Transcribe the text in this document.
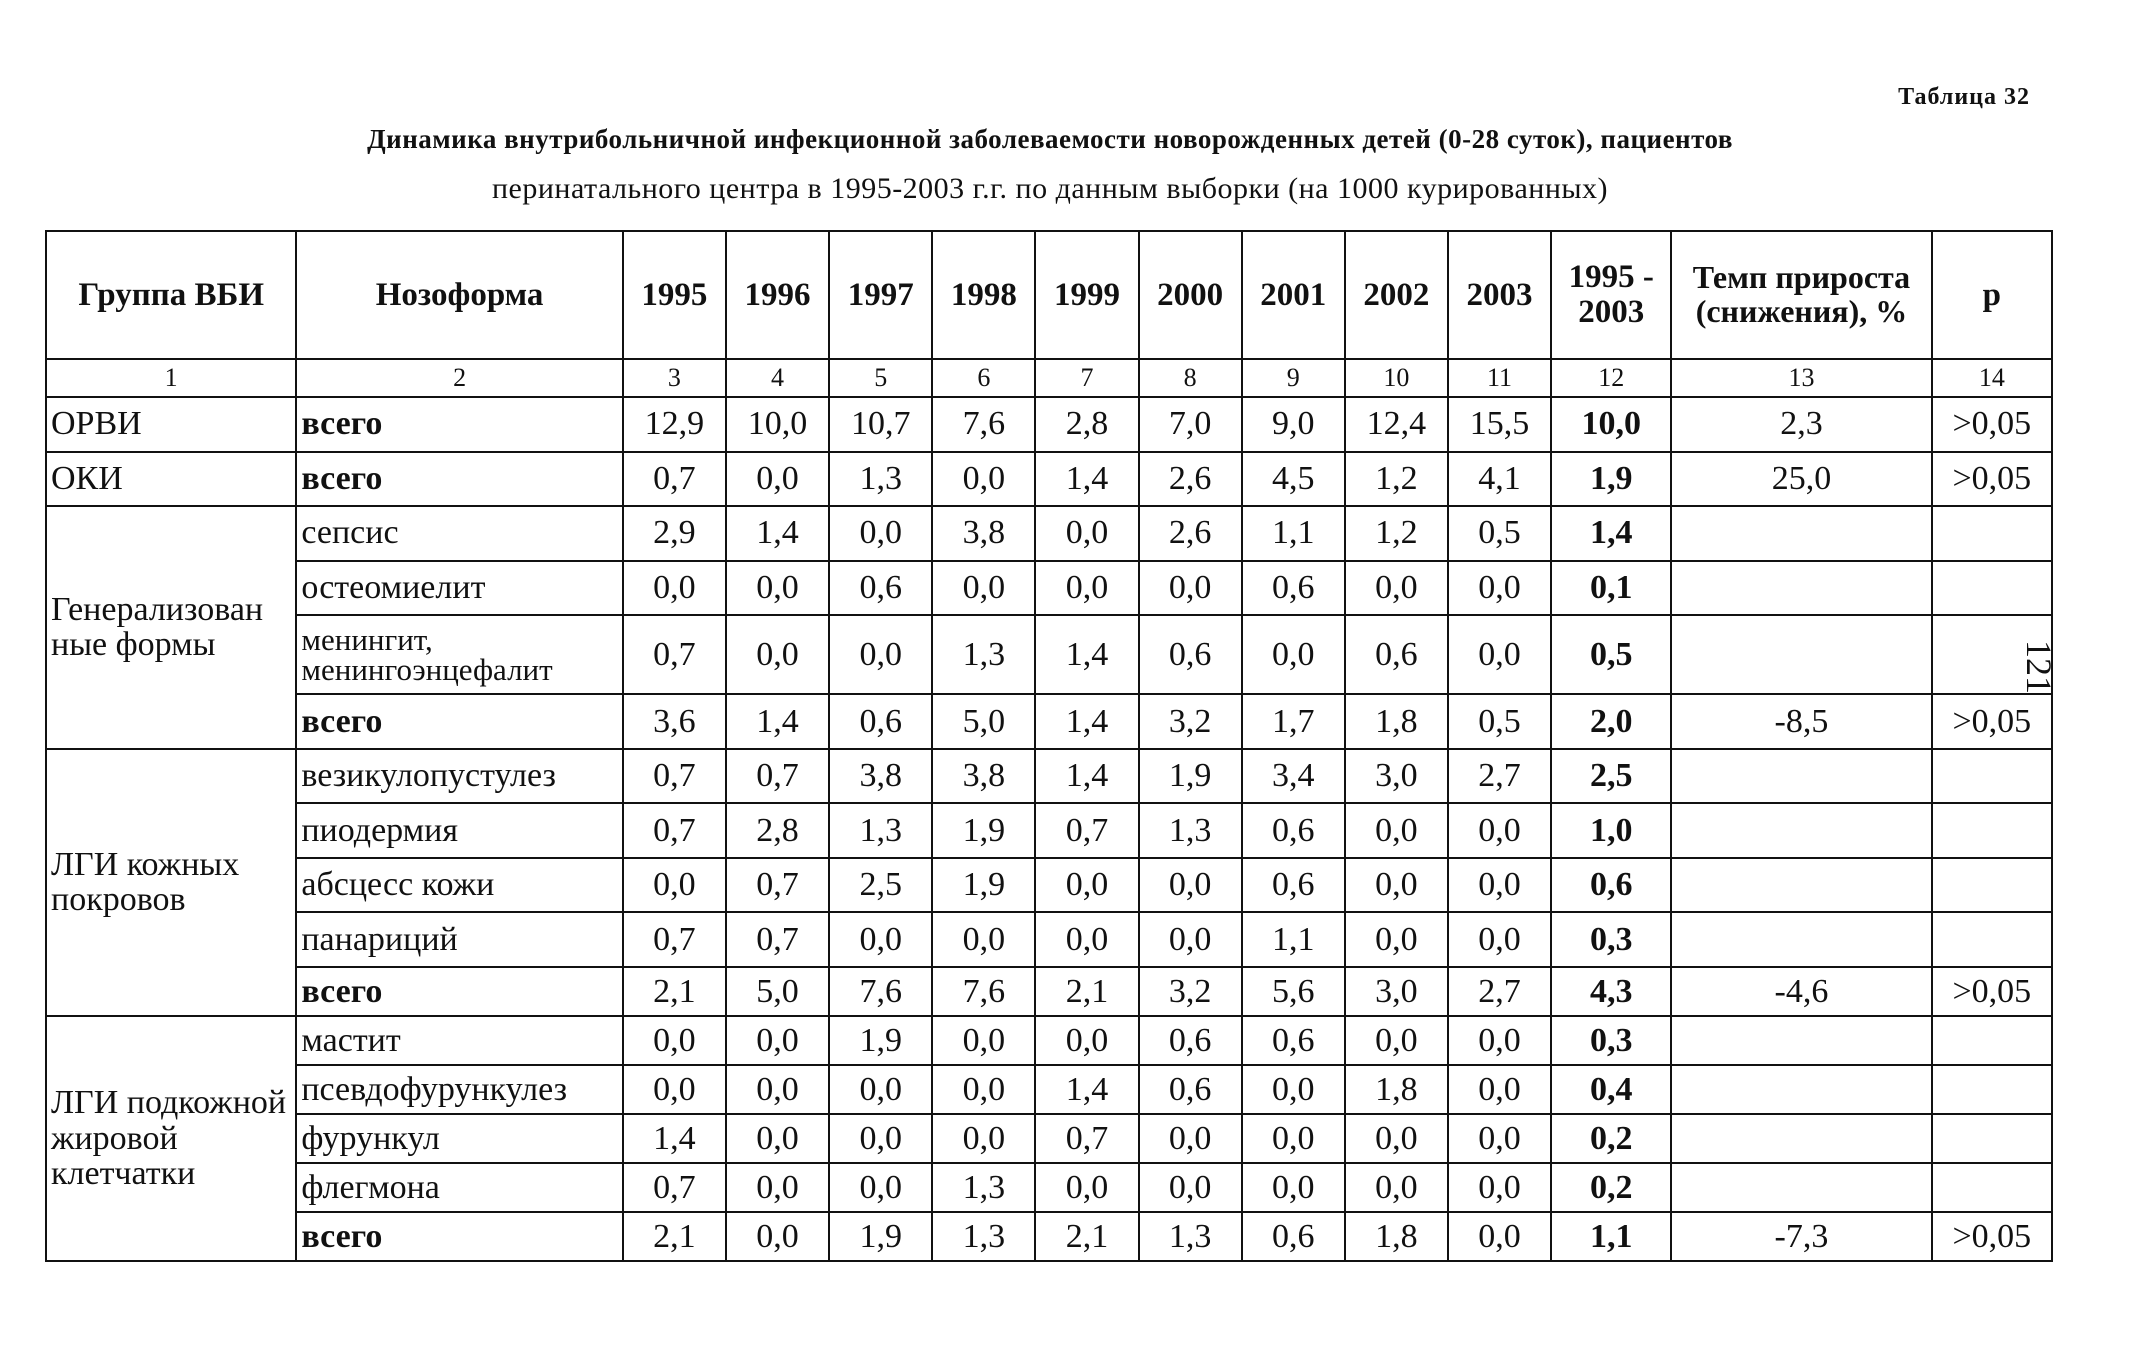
Таблица 32
Динамика внутрибольничной инфекционной заболеваемости новорожденных детей (0-28 суток), пациентов
перинатального центра в 1995-2003 г.г. по данным выборки (на 1000 курированных)
121
Группа ВБИ	Нозоформа	1995	1996	1997	1998	1999	2000	2001	2002	2003	1995 - 2003	Темп прироста (снижения), %	p
1	2	3	4	5	6	7	8	9	10	11	12	13	14
ОРВИ	всего	12,9	10,0	10,7	7,6	2,8	7,0	9,0	12,4	15,5	10,0	2,3	>0,05
ОКИ	всего	0,7	0,0	1,3	0,0	1,4	2,6	4,5	1,2	4,1	1,9	25,0	>0,05
Генерализован ные формы	сепсис	2,9	1,4	0,0	3,8	0,0	2,6	1,1	1,2	0,5	1,4		
	остеомиелит	0,0	0,0	0,6	0,0	0,0	0,0	0,6	0,0	0,0	0,1		
	менингит, менингоэнцефалит	0,7	0,0	0,0	1,3	1,4	0,6	0,0	0,6	0,0	0,5		
	всего	3,6	1,4	0,6	5,0	1,4	3,2	1,7	1,8	0,5	2,0	-8,5	>0,05
ЛГИ кожных покровов	везикулопустулез	0,7	0,7	3,8	3,8	1,4	1,9	3,4	3,0	2,7	2,5		
	пиодермия	0,7	2,8	1,3	1,9	0,7	1,3	0,6	0,0	0,0	1,0		
	абсцесс кожи	0,0	0,7	2,5	1,9	0,0	0,0	0,6	0,0	0,0	0,6		
	панариций	0,7	0,7	0,0	0,0	0,0	0,0	1,1	0,0	0,0	0,3		
	всего	2,1	5,0	7,6	7,6	2,1	3,2	5,6	3,0	2,7	4,3	-4,6	>0,05
ЛГИ подкожной жировой клетчатки	мастит	0,0	0,0	1,9	0,0	0,0	0,6	0,6	0,0	0,0	0,3		
	псевдофурункулез	0,0	0,0	0,0	0,0	1,4	0,6	0,0	1,8	0,0	0,4		
	фурункул	1,4	0,0	0,0	0,0	0,7	0,0	0,0	0,0	0,0	0,2		
	флегмона	0,7	0,0	0,0	1,3	0,0	0,0	0,0	0,0	0,0	0,2		
	всего	2,1	0,0	1,9	1,3	2,1	1,3	0,6	1,8	0,0	1,1	-7,3	>0,05
